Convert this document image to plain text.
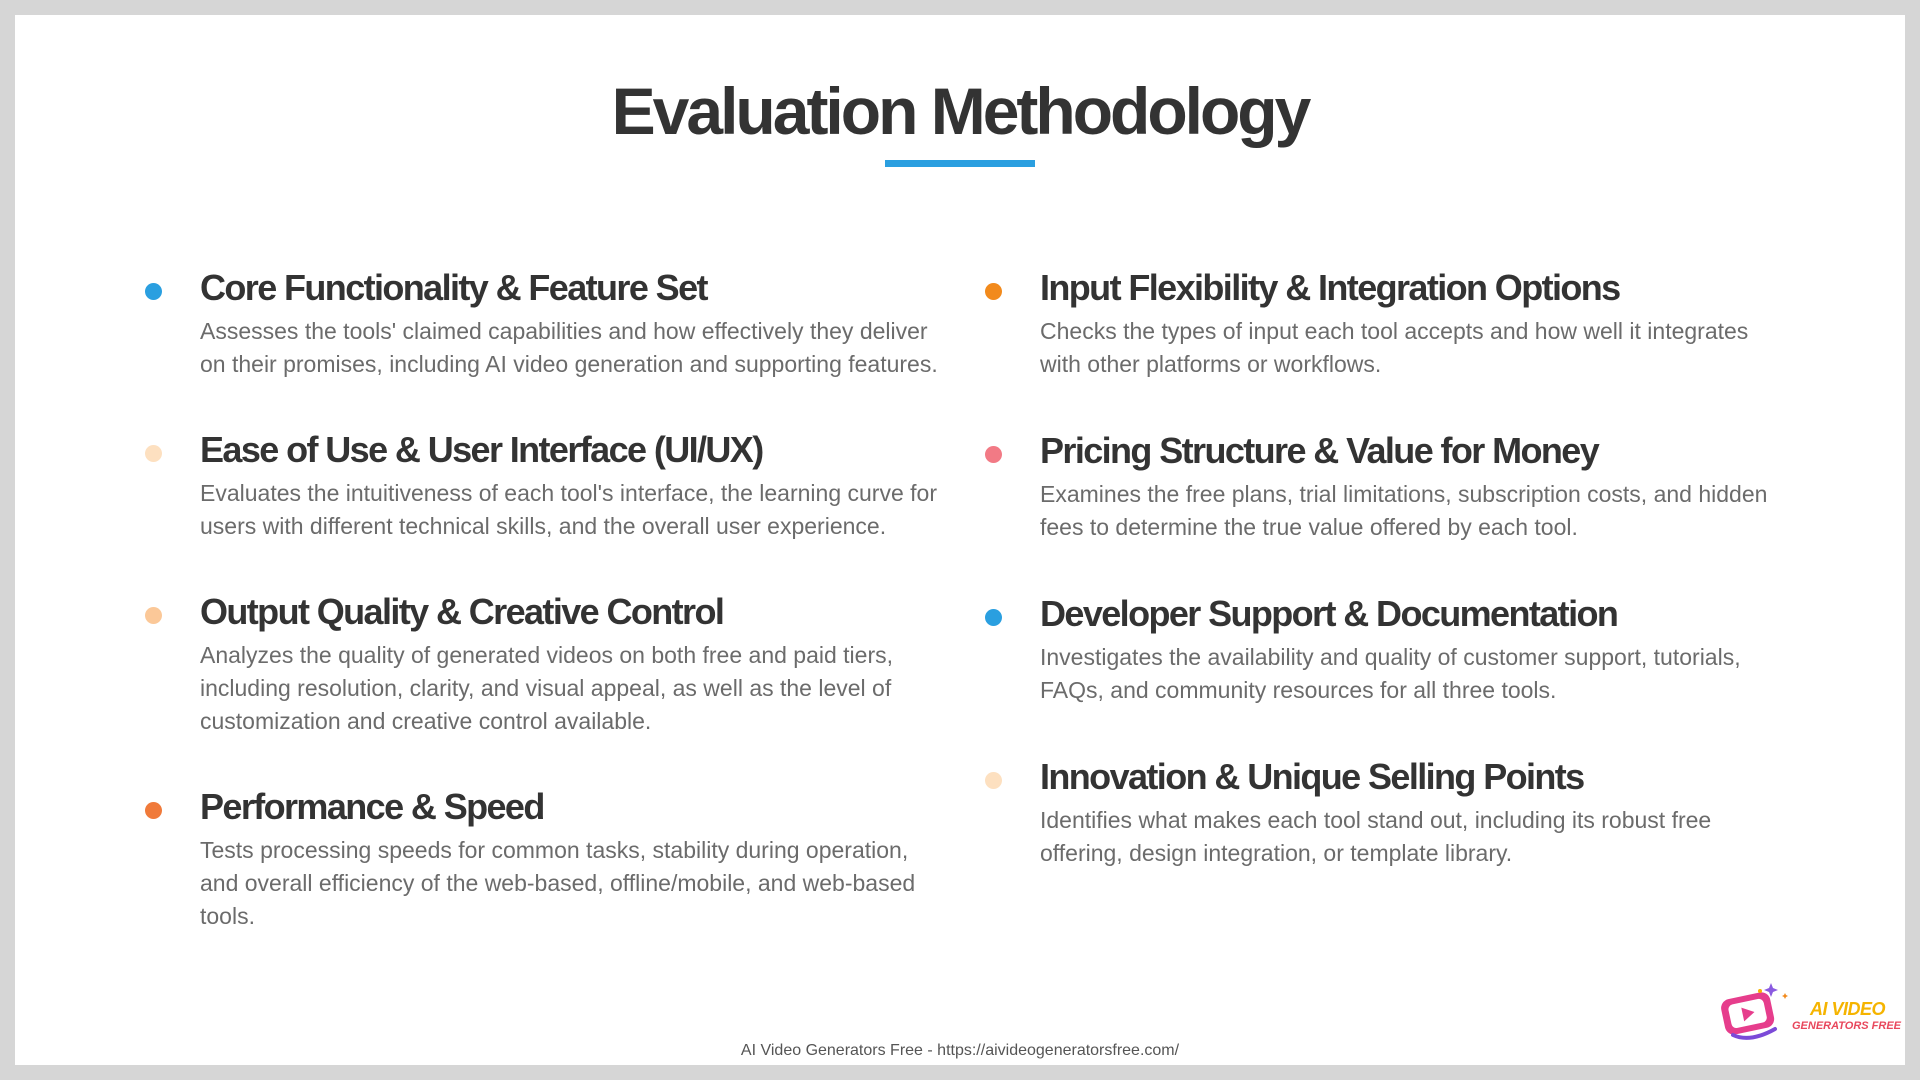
Evaluation Methodology
Core Functionality & Feature Set
Assesses the tools' claimed capabilities and how effectively they deliver on their promises, including AI video generation and supporting features.
Ease of Use & User Interface (UI/UX)
Evaluates the intuitiveness of each tool's interface, the learning curve for users with different technical skills, and the overall user experience.
Output Quality & Creative Control
Analyzes the quality of generated videos on both free and paid tiers, including resolution, clarity, and visual appeal, as well as the level of customization and creative control available.
Performance & Speed
Tests processing speeds for common tasks, stability during operation, and overall efficiency of the web-based, offline/mobile, and web-based tools.
Input Flexibility & Integration Options
Checks the types of input each tool accepts and how well it integrates with other platforms or workflows.
Pricing Structure & Value for Money
Examines the free plans, trial limitations, subscription costs, and hidden fees to determine the true value offered by each tool.
Developer Support & Documentation
Investigates the availability and quality of customer support, tutorials, FAQs, and community resources for all three tools.
Innovation & Unique Selling Points
Identifies what makes each tool stand out, including its robust free offering, design integration, or template library.
AI Video Generators Free - https://aivideogeneratorsfree.com/
AI VIDEO
GENERATORS FREE
